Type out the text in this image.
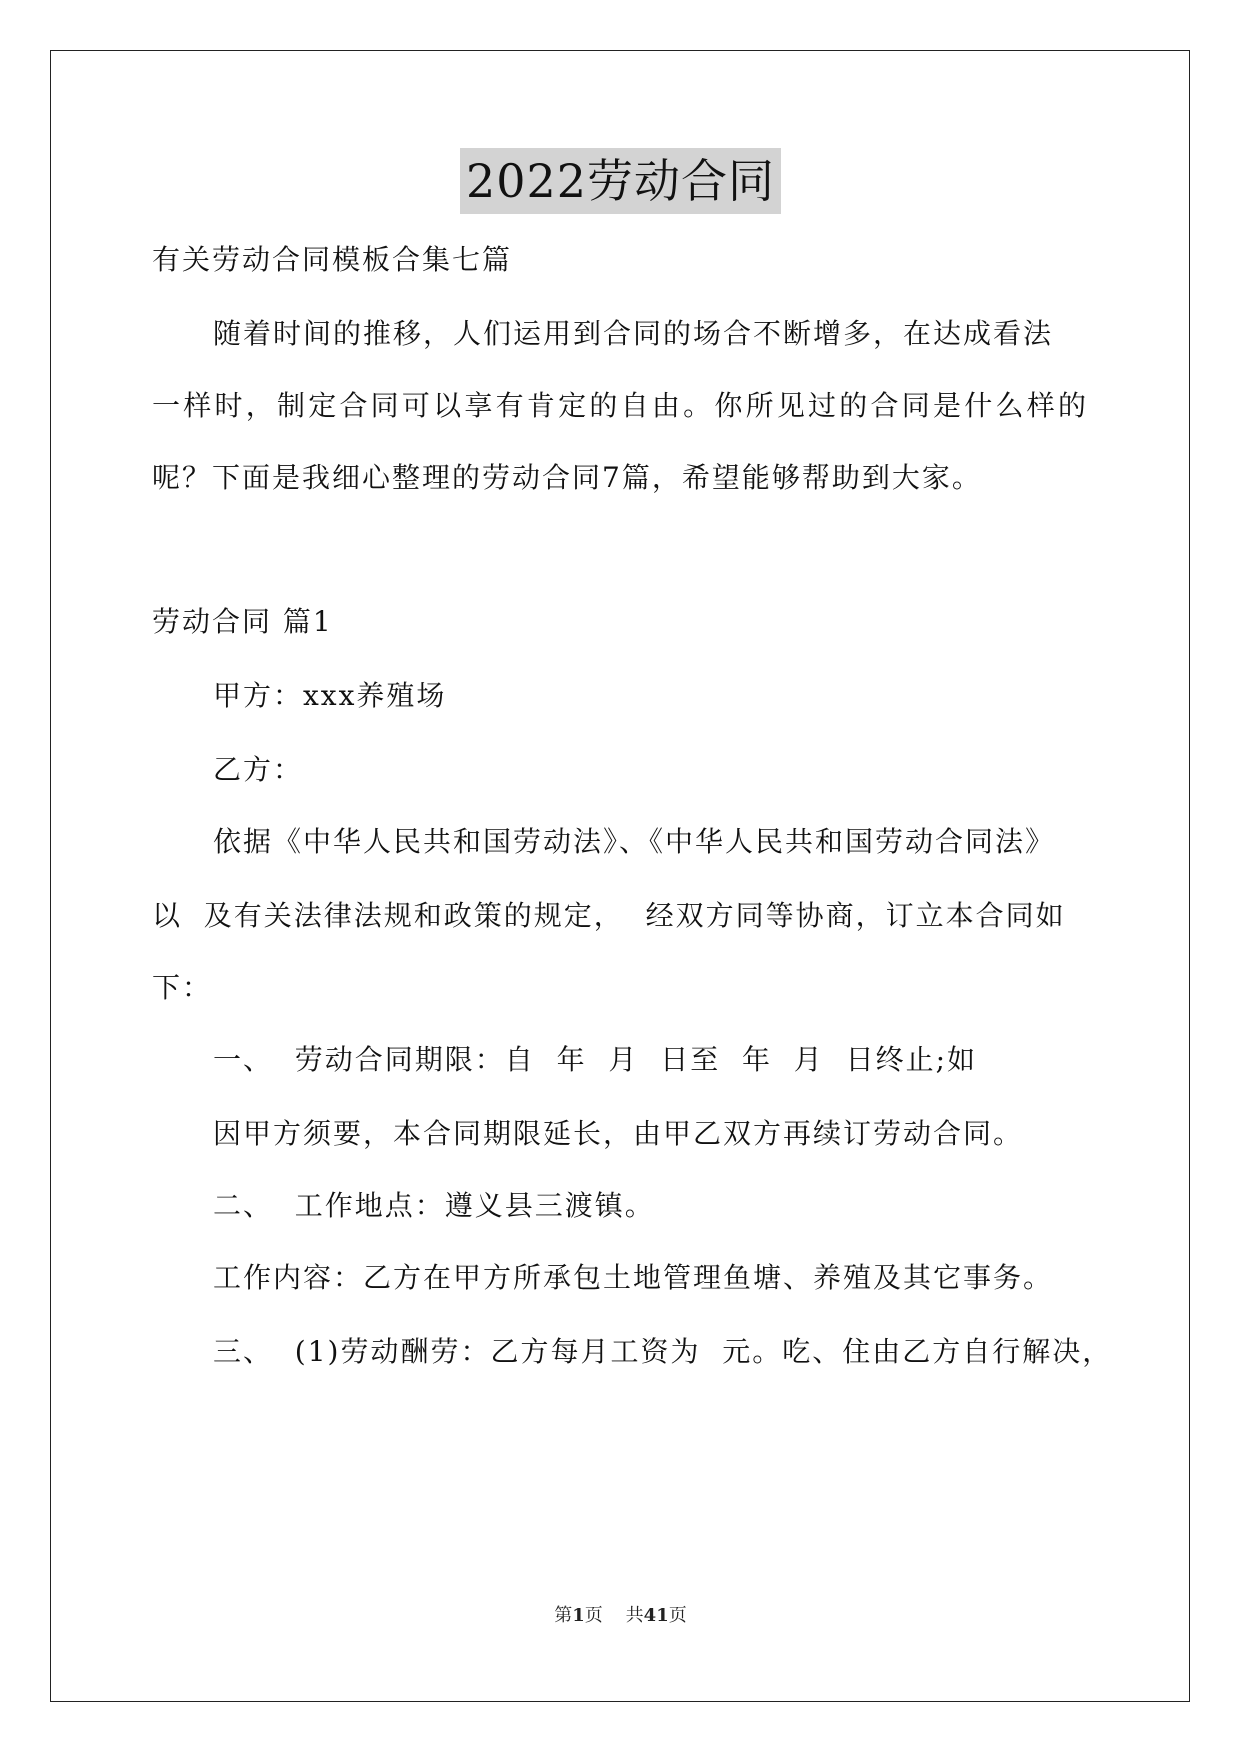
2022劳动合同
有关劳动合同模板合集七篇
随着时间的推移，人们运用到合同的场合不断增多，在达成看法
一样时，制定合同可以享有肯定的自由。你所见过的合同是什么样的
呢？下面是我细心整理的劳动合同7篇，希望能够帮助到大家。
劳动合同 篇1
甲方：xxx养殖场
乙方：
依据《中华人民共和国劳动法》、《中华人民共和国劳动合同法》
以  及有关法律法规和政策的规定，  经双方同等协商，订立本合同如
下：
一、  劳动合同期限：自  年  月  日至  年  月  日终止;如
因甲方须要，本合同期限延长，由甲乙双方再续订劳动合同。
二、  工作地点：遵义县三渡镇。
工作内容：乙方在甲方所承包土地管理鱼塘、养殖及其它事务。
三、  (1)劳动酬劳：乙方每月工资为  元。吃、住由乙方自行解决，
第1页    共41页
